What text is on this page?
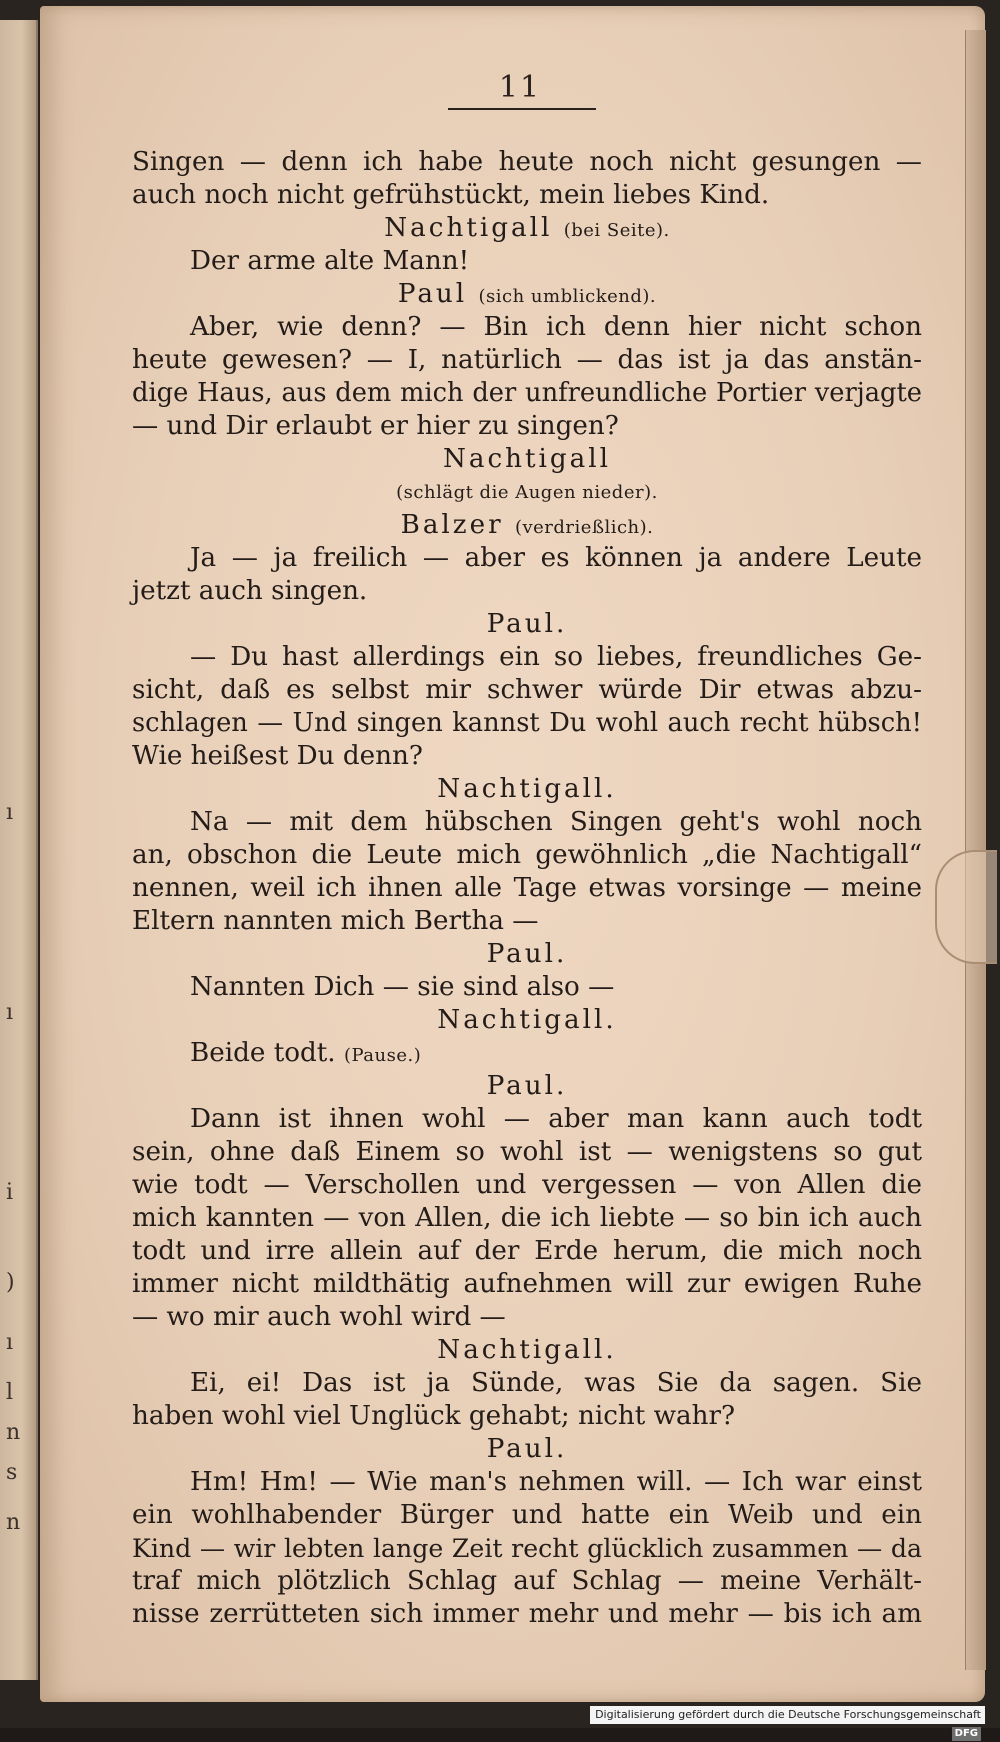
ı
ı
i
)
ı
l
n
s
n
11
Singen — denn ich habe heute noch nicht gesungen —
auch noch nicht gefrühstückt, mein liebes Kind.
Nachtigall (bei Seite).
Der arme alte Mann!
Paul (sich umblickend).
Aber, wie denn? — Bin ich denn hier nicht schon
heute gewesen? — I, natürlich — das ist ja das anstän-
dige Haus, aus dem mich der unfreundliche Portier verjagte
— und Dir erlaubt er hier zu singen?
Nachtigall
(schlägt die Augen nieder).
Balzer (verdrießlich).
Ja — ja freilich — aber es können ja andere Leute
jetzt auch singen.
Paul.
— Du hast allerdings ein so liebes, freundliches Ge-
sicht, daß es selbst mir schwer würde Dir etwas abzu-
schlagen — Und singen kannst Du wohl auch recht hübsch!
Wie heißest Du denn?
Nachtigall.
Na — mit dem hübschen Singen geht's wohl noch
an, obschon die Leute mich gewöhnlich „die Nachtigall“
nennen, weil ich ihnen alle Tage etwas vorsinge — meine
Eltern nannten mich Bertha —
Paul.
Nannten Dich — sie sind also —
Nachtigall.
Beide todt. (Pause.)
Paul.
Dann ist ihnen wohl — aber man kann auch todt
sein, ohne daß Einem so wohl ist — wenigstens so gut
wie todt — Verschollen und vergessen — von Allen die
mich kannten — von Allen, die ich liebte — so bin ich auch
todt und irre allein auf der Erde herum, die mich noch
immer nicht mildthätig aufnehmen will zur ewigen Ruhe
— wo mir auch wohl wird —
Nachtigall.
Ei, ei! Das ist ja Sünde, was Sie da sagen. Sie
haben wohl viel Unglück gehabt; nicht wahr?
Paul.
Hm! Hm! — Wie man's nehmen will. — Ich war einst
ein wohlhabender Bürger und hatte ein Weib und ein
Kind — wir lebten lange Zeit recht glücklich zusammen — da
traf mich plötzlich Schlag auf Schlag — meine Verhält-
nisse zerrütteten sich immer mehr und mehr — bis ich am
Digitalisierung gefördert durch die Deutsche Forschungsgemeinschaft - DFG
